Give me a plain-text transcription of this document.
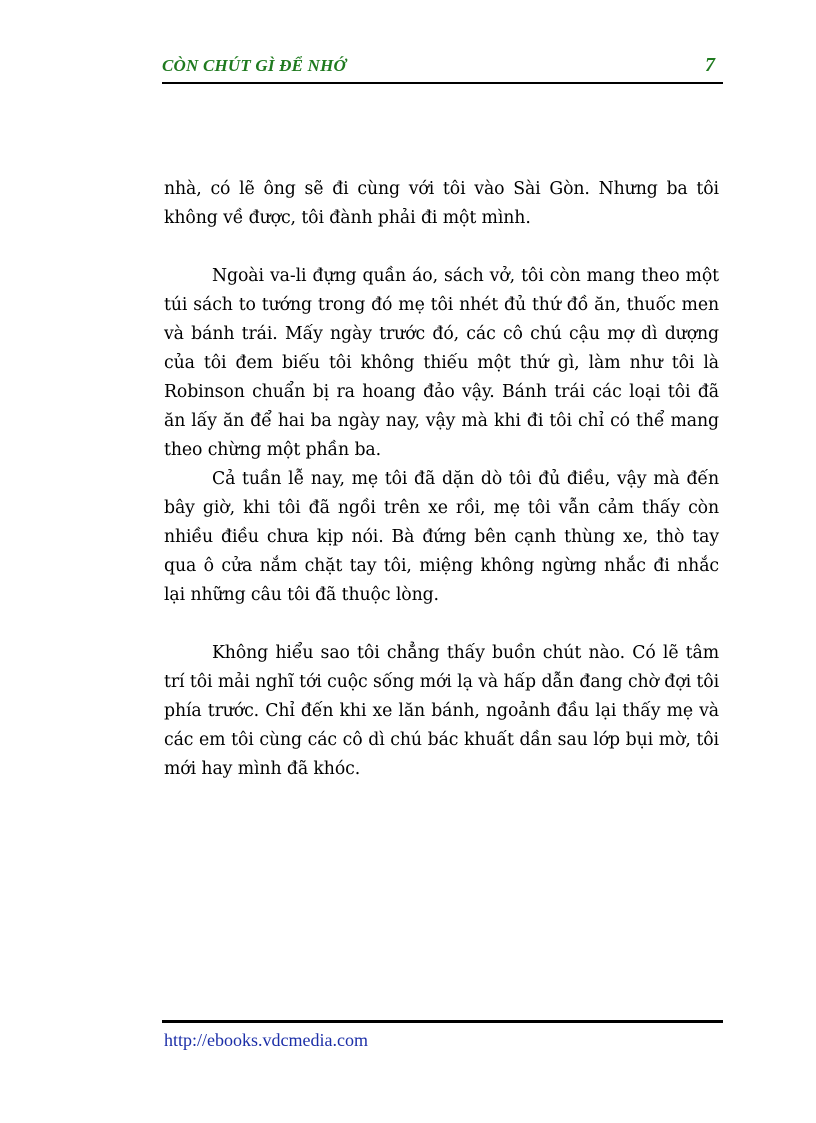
CÒN CHÚT GÌ ĐỂ NHỚ	7

nhà, có lẽ ông sẽ đi cùng với tôi vào Sài Gòn. Nhưng ba tôi không về được, tôi đành phải đi một mình.

Ngoài va-li đựng quần áo, sách vở, tôi còn mang theo một túi sách to tướng trong đó mẹ tôi nhét đủ thứ đồ ăn, thuốc men và bánh trái. Mấy ngày trước đó, các cô chú cậu mợ dì dượng của tôi đem biếu tôi không thiếu một thứ gì, làm như tôi là Robinson chuẩn bị ra hoang đảo vậy. Bánh trái các loại tôi đã ăn lấy ăn để hai ba ngày nay, vậy mà khi đi tôi chỉ có thể mang theo chừng một phần ba.

Cả tuần lễ nay, mẹ tôi đã dặn dò tôi đủ điều, vậy mà đến bây giờ, khi tôi đã ngồi trên xe rồi, mẹ tôi vẫn cảm thấy còn nhiều điều chưa kịp nói. Bà đứng bên cạnh thùng xe, thò tay qua ô cửa nắm chặt tay tôi, miệng không ngừng nhắc đi nhắc lại những câu tôi đã thuộc lòng.

Không hiểu sao tôi chẳng thấy buồn chút nào. Có lẽ tâm trí tôi mải nghĩ tới cuộc sống mới lạ và hấp dẫn đang chờ đợi tôi phía trước. Chỉ đến khi xe lăn bánh, ngoảnh đầu lại thấy mẹ và các em tôi cùng các cô dì chú bác khuất dần sau lớp bụi mờ, tôi mới hay mình đã khóc.

http://ebooks.vdcmedia.com
